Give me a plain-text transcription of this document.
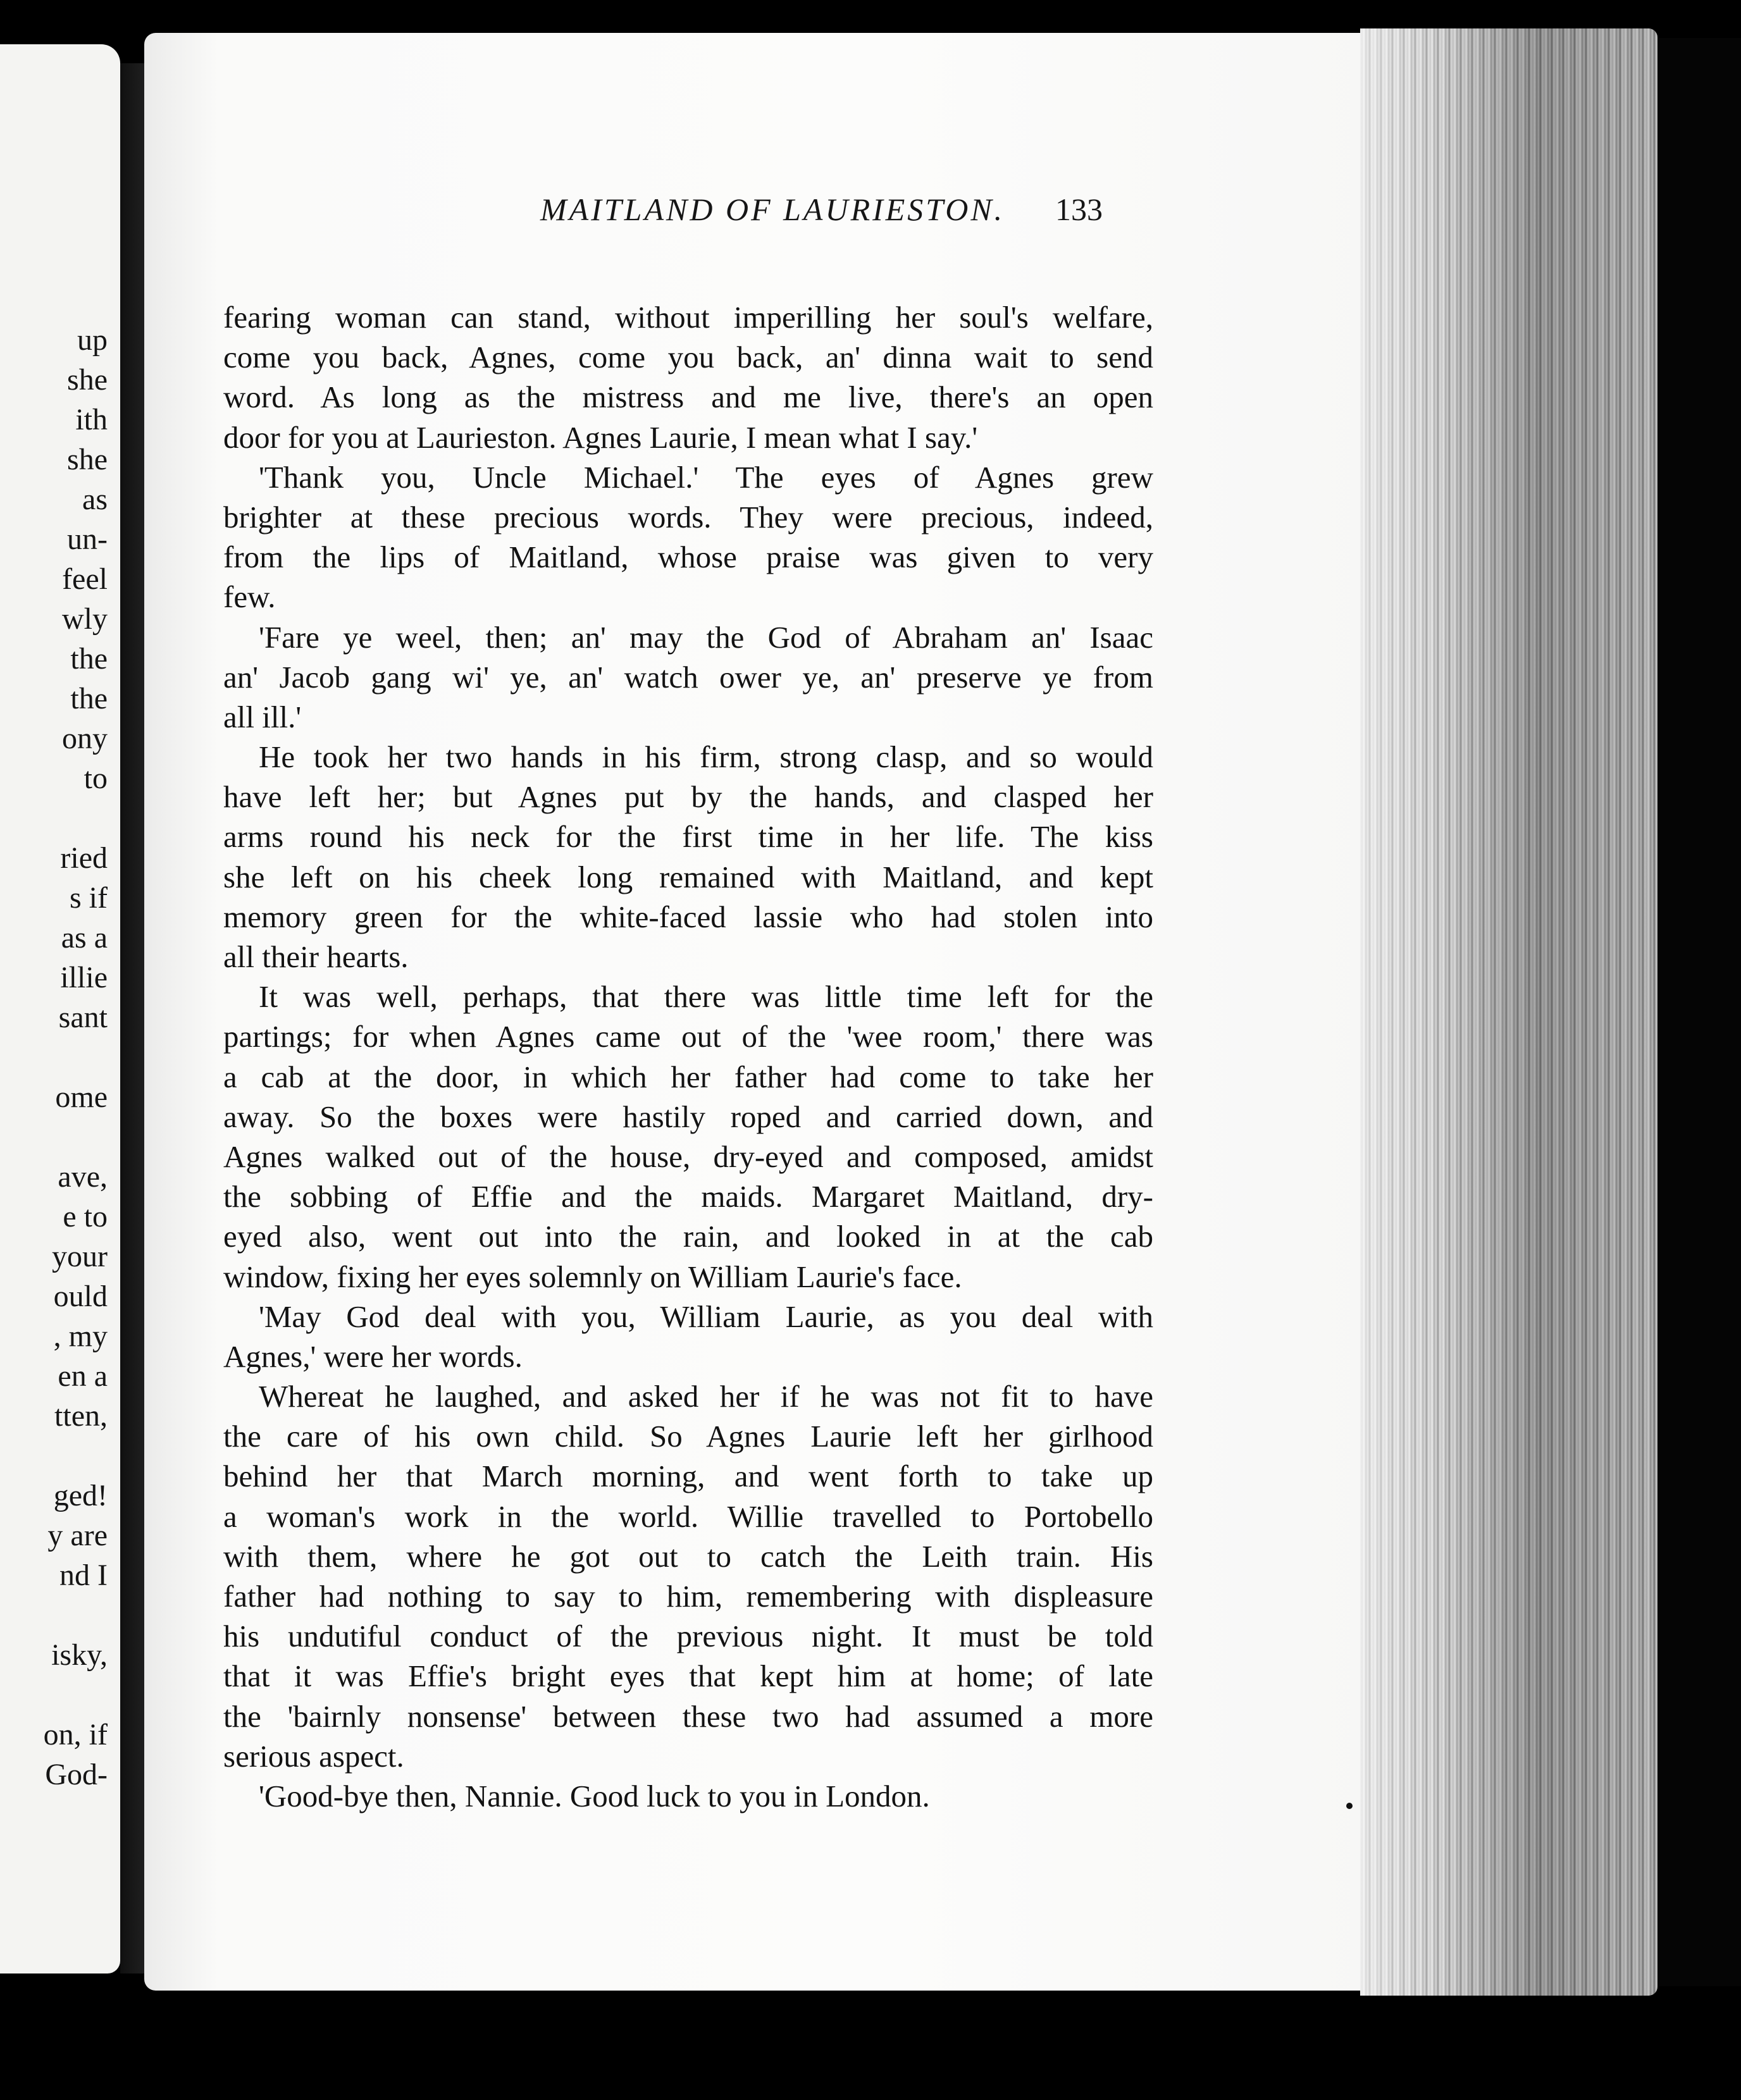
up
she
ith
she
as
un-
feel
wly
the
the
ony
to
ried
s if
as a
illie
sant
ome
ave,
e to
your
ould
, my
en a
tten,
ged!
y are
nd I
isky,
on, if
God-
MAITLAND OF LAURIESTON. 133
fearing woman can stand, without imperilling her soul's welfare,
come you back, Agnes, come you back, an' dinna wait to send
word. As long as the mistress and me live, there's an open
door for you at Laurieston. Agnes Laurie, I mean what I say.'
'Thank you, Uncle Michael.' The eyes of Agnes grew
brighter at these precious words. They were precious, indeed,
from the lips of Maitland, whose praise was given to very
few.
'Fare ye weel, then; an' may the God of Abraham an' Isaac
an' Jacob gang wi' ye, an' watch ower ye, an' preserve ye from
all ill.'
He took her two hands in his firm, strong clasp, and so would
have left her; but Agnes put by the hands, and clasped her
arms round his neck for the first time in her life. The kiss
she left on his cheek long remained with Maitland, and kept
memory green for the white-faced lassie who had stolen into
all their hearts.
It was well, perhaps, that there was little time left for the
partings; for when Agnes came out of the 'wee room,' there was
a cab at the door, in which her father had come to take her
away. So the boxes were hastily roped and carried down, and
Agnes walked out of the house, dry-eyed and composed, amidst
the sobbing of Effie and the maids. Margaret Maitland, dry-
eyed also, went out into the rain, and looked in at the cab
window, fixing her eyes solemnly on William Laurie's face.
'May God deal with you, William Laurie, as you deal with
Agnes,' were her words.
Whereat he laughed, and asked her if he was not fit to have
the care of his own child. So Agnes Laurie left her girlhood
behind her that March morning, and went forth to take up
a woman's work in the world. Willie travelled to Portobello
with them, where he got out to catch the Leith train. His
father had nothing to say to him, remembering with displeasure
his undutiful conduct of the previous night. It must be told
that it was Effie's bright eyes that kept him at home; of late
the 'bairnly nonsense' between these two had assumed a more
serious aspect.
'Good-bye then, Nannie. Good luck to you in London.
